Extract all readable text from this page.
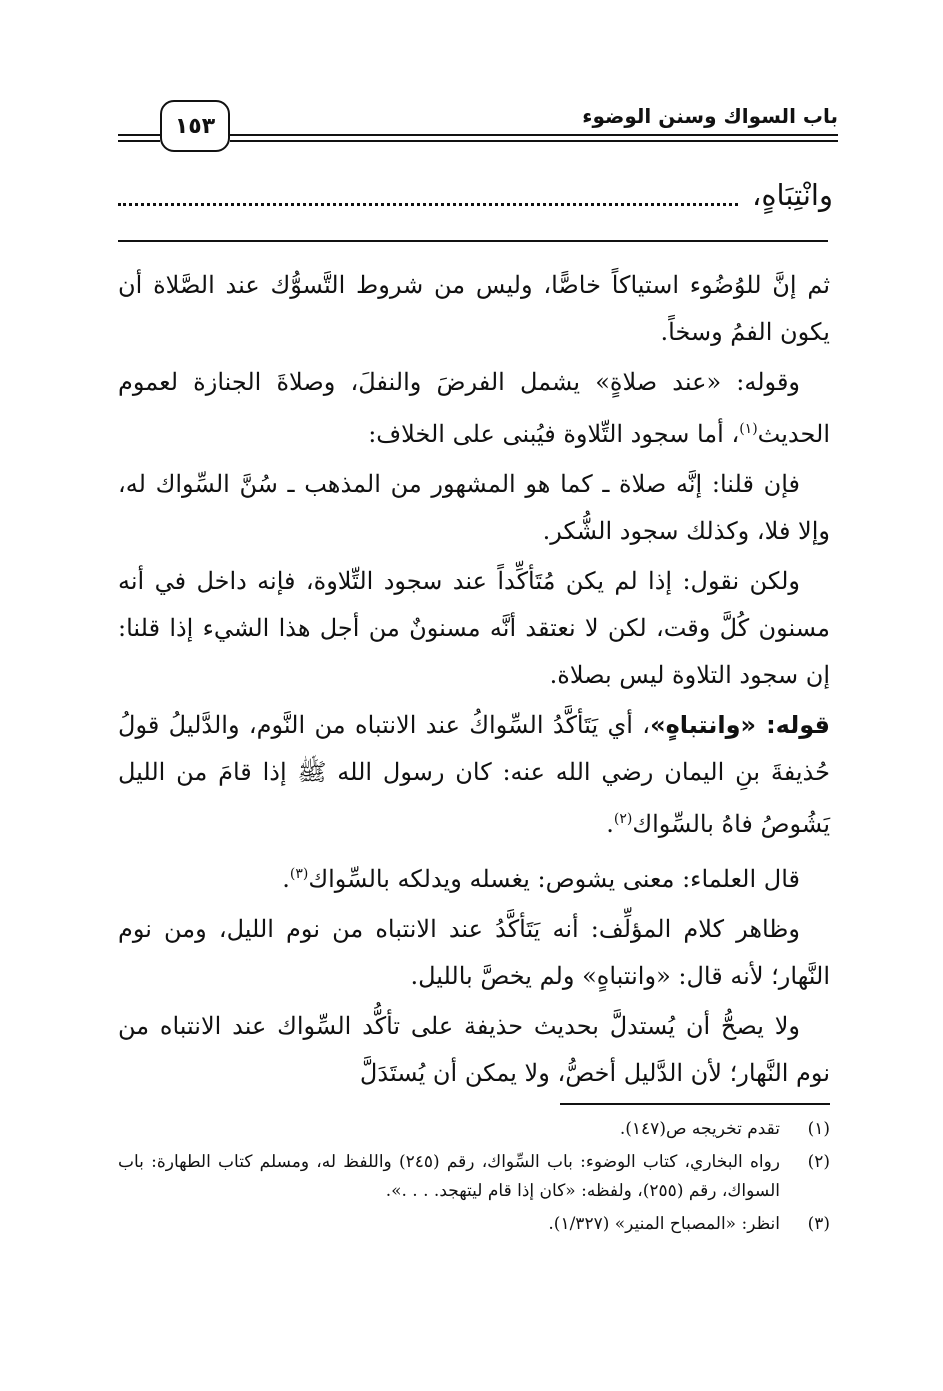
١٥٣	باب السواك وسنن الوضوء
وانْتِبَاهٍ،

ثم إنَّ للوُضُوء استياكاً خاصًّا، وليس من شروط التَّسوُّك عند الصَّلاة أن يكون الفمُ وسخاً.

وقوله: «عند صلاةٍ» يشمل الفرضَ والنفلَ، وصلاةَ الجنازة لعموم الحديث$^{(١)}$، أما سجود التِّلاوة فيُبنى على الخلاف:

فإن قلنا: إنَّه صلاة ـ كما هو المشهور من المذهب ـ سُنَّ السِّواك له، وإلا فلا، وكذلك سجود الشُّكر.

ولكن نقول: إذا لم يكن مُتَأكِّداً عند سجود التِّلاوة، فإنه داخل في أنه مسنون كُلَّ وقت، لكن لا نعتقد أنَّه مسنونٌ من أجل هذا الشيء إذا قلنا: إن سجود التلاوة ليس بصلاة.

قوله: «وانتباهٍ»، أي يَتَأكَّدُ السِّواكُ عند الانتباه من النَّوم، والدَّليلُ قولُ حُذيفةَ بنِ اليمان رضي الله عنه: كان رسول الله ﷺ إذا قامَ من الليل يَشُوصُ فاهُ بالسِّواك$^{(٢)}$.

قال العلماء: معنى يشوص: يغسله ويدلكه بالسِّواك$^{(٣)}$.

وظاهر كلام المؤلِّف: أنه يَتَأكَّدُ عند الانتباه من نوم الليل، ومن نوم النَّهار؛ لأنه قال: «وانتباهٍ» ولم يخصَّ بالليل.

ولا يصحُّ أن يُستدلَّ بحديث حذيفة على تأكُّد السِّواك عند الانتباه من نوم النَّهار؛ لأن الدَّليل أخصُّ، ولا يمكن أن يُستَدَلَّ

(١)
تقدم تخريجه ص(١٤٧).
(٢)
رواه البخاري، كتاب الوضوء: باب السِّواك، رقم (٢٤٥) واللفظ له، ومسلم كتاب الطهارة: باب السواك، رقم (٢٥٥)، ولفظه: «كان إذا قام ليتهجد. . . .».
(٣)
انظر: «المصباح المنير» (١/٣٢٧).
